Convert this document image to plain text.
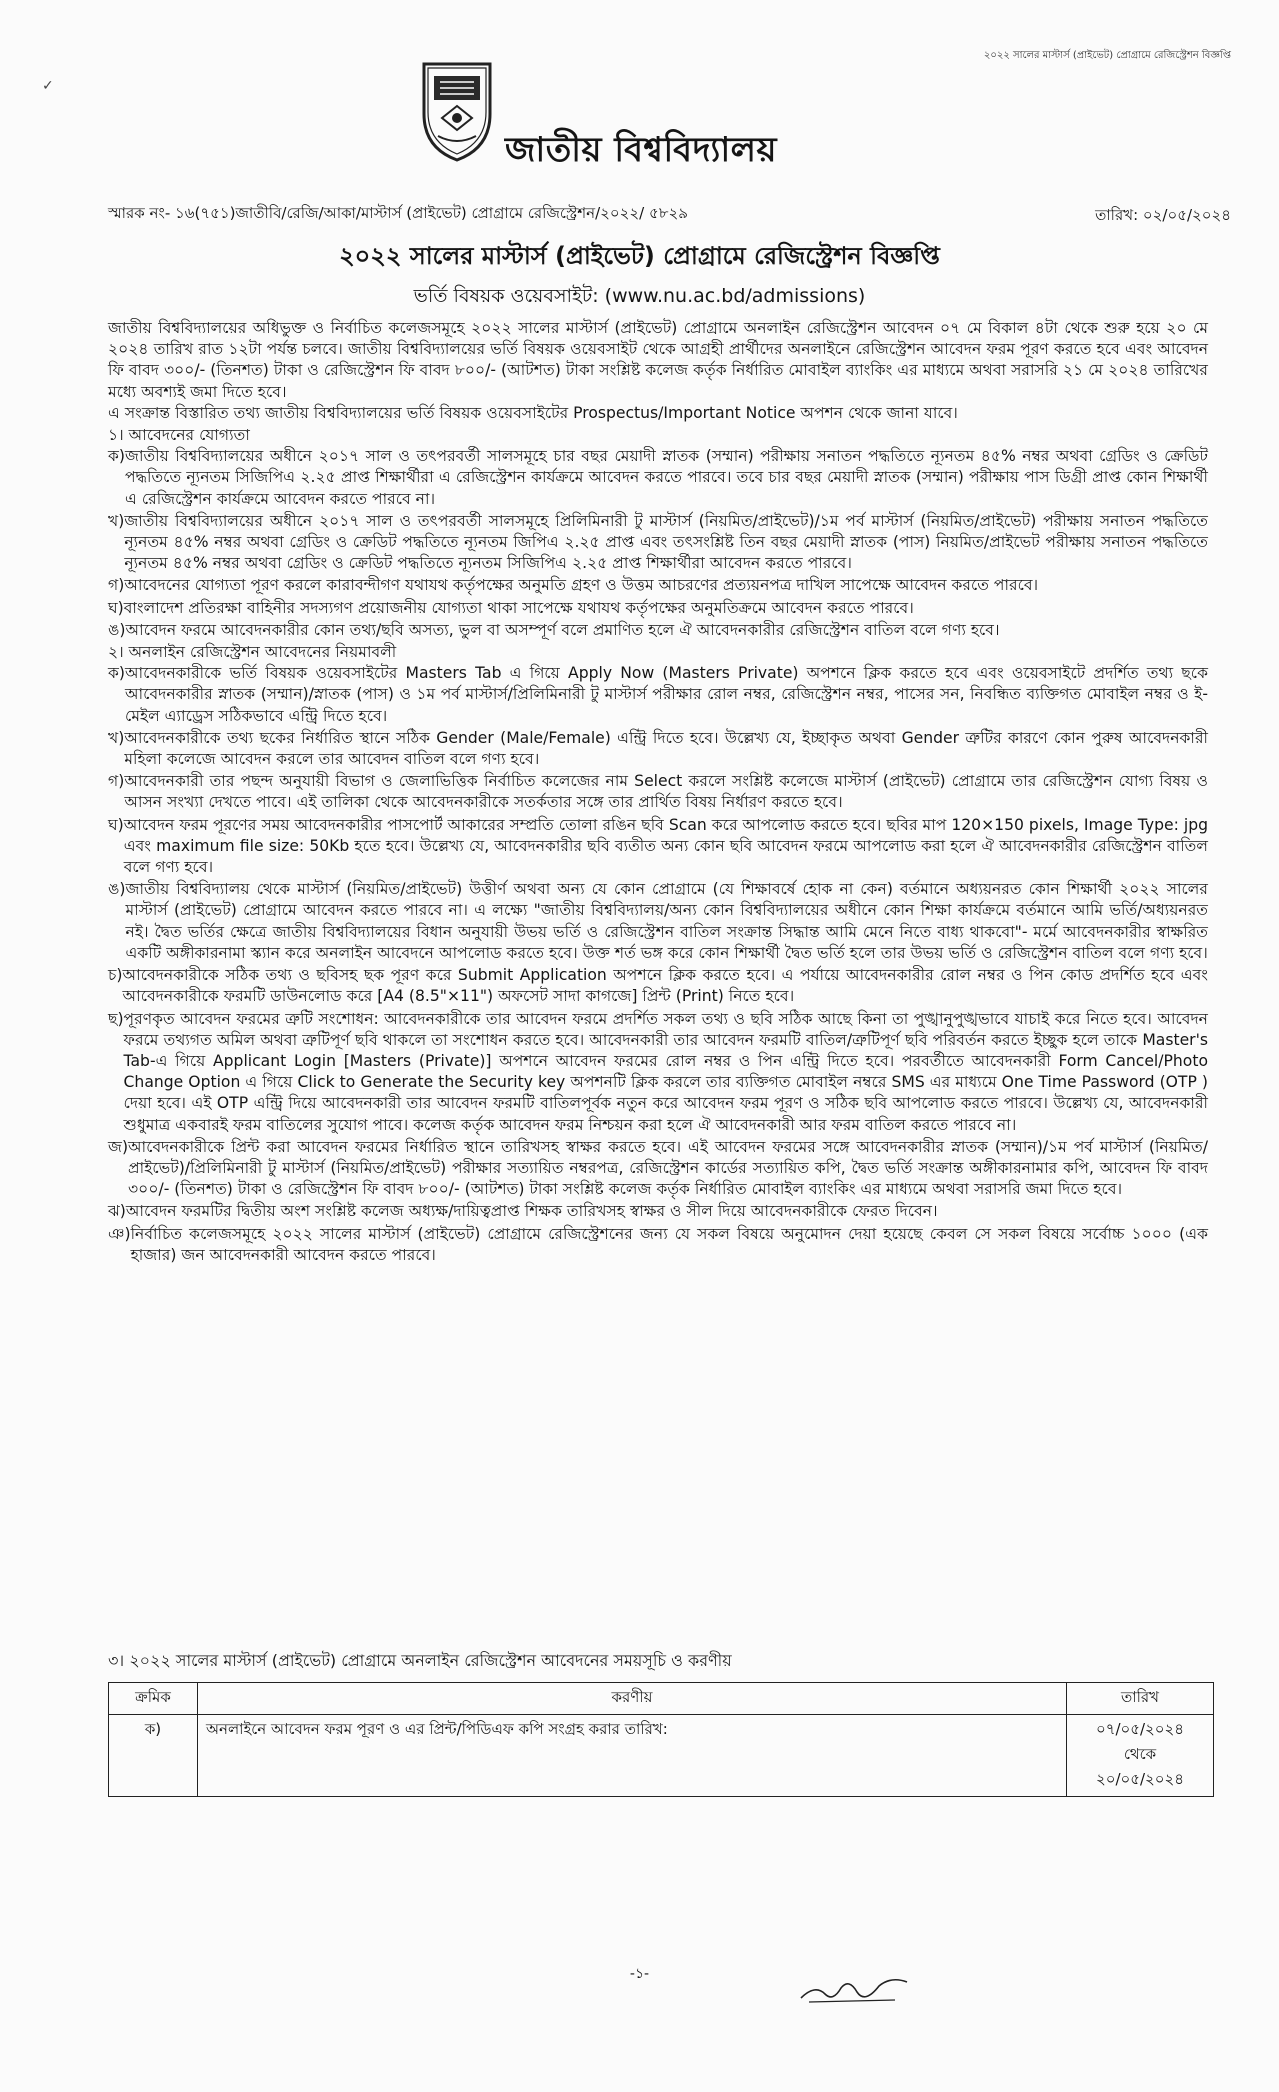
২০২২ সালের মাস্টার্স (প্রাইভেট) প্রোগ্রামে রেজিস্ট্রেশন বিজ্ঞপ্তি
✓
জাতীয় বিশ্ববিদ্যালয়
স্মারক নং- ১৬(৭৫১)জাতীবি/রেজি/আকা/মাস্টার্স (প্রাইভেট) প্রোগ্রামে রেজিস্ট্রেশন/২০২২/ ৫৮২৯	তারিখ: ০২/০৫/২০২৪
২০২২ সালের মাস্টার্স (প্রাইভেট) প্রোগ্রামে রেজিস্ট্রেশন বিজ্ঞপ্তি
ভর্তি বিষয়ক ওয়েবসাইট: (www.nu.ac.bd/admissions)

জাতীয় বিশ্ববিদ্যালয়ের অধিভুক্ত ও নির্বাচিত কলেজসমূহে ২০২২ সালের মাস্টার্স (প্রাইভেট) প্রোগ্রামে অনলাইন রেজিস্ট্রেশন আবেদন ০৭ মে বিকাল ৪টা থেকে শুরু হয়ে ২০ মে ২০২৪ তারিখ রাত ১২টা পর্যন্ত চলবে। জাতীয় বিশ্ববিদ্যালয়ের ভর্তি বিষয়ক ওয়েবসাইট থেকে আগ্রহী প্রার্থীদের অনলাইনে রেজিস্ট্রেশন আবেদন ফরম পূরণ করতে হবে এবং আবেদন ফি বাবদ ৩০০/- (তিনশত) টাকা ও রেজিস্ট্রেশন ফি বাবদ ৮০০/- (আটশত) টাকা সংশ্লিষ্ট কলেজ কর্তৃক নির্ধারিত মোবাইল ব্যাংকিং এর মাধ্যমে অথবা সরাসরি ২১ মে ২০২৪ তারিখের মধ্যে অবশ্যই জমা দিতে হবে।

এ সংক্রান্ত বিস্তারিত তথ্য জাতীয় বিশ্ববিদ্যালয়ের ভর্তি বিষয়ক ওয়েবসাইটের Prospectus/Important Notice অপশন থেকে জানা যাবে।

১। আবেদনের যোগ্যতা

ক) জাতীয় বিশ্ববিদ্যালয়ের অধীনে ২০১৭ সাল ও তৎপরবর্তী সালসমূহে চার বছর মেয়াদী স্নাতক (সম্মান) পরীক্ষায় সনাতন পদ্ধতিতে ন্যূনতম ৪৫% নম্বর অথবা গ্রেডিং ও ক্রেডিট পদ্ধতিতে ন্যূনতম সিজিপিএ ২.২৫ প্রাপ্ত শিক্ষার্থীরা এ রেজিস্ট্রেশন কার্যক্রমে আবেদন করতে পারবে। তবে চার বছর মেয়াদী স্নাতক (সম্মান) পরীক্ষায় পাস ডিগ্রী প্রাপ্ত কোন শিক্ষার্থী এ রেজিস্ট্রেশন কার্যক্রমে আবেদন করতে পারবে না।
খ) জাতীয় বিশ্ববিদ্যালয়ের অধীনে ২০১৭ সাল ও তৎপরবর্তী সালসমূহে প্রিলিমিনারী টু মাস্টার্স (নিয়মিত/প্রাইভেট)/১ম পর্ব মাস্টার্স (নিয়মিত/প্রাইভেট) পরীক্ষায় সনাতন পদ্ধতিতে ন্যূনতম ৪৫% নম্বর অথবা গ্রেডিং ও ক্রেডিট পদ্ধতিতে ন্যূনতম জিপিএ ২.২৫ প্রাপ্ত এবং তৎসংশ্লিষ্ট তিন বছর মেয়াদী স্নাতক (পাস) নিয়মিত/প্রাইভেট পরীক্ষায় সনাতন পদ্ধতিতে ন্যূনতম ৪৫% নম্বর অথবা গ্রেডিং ও ক্রেডিট পদ্ধতিতে ন্যূনতম সিজিপিএ ২.২৫ প্রাপ্ত শিক্ষার্থীরা আবেদন করতে পারবে।
গ) আবেদনের যোগ্যতা পূরণ করলে কারাবন্দীগণ যথাযথ কর্তৃপক্ষের অনুমতি গ্রহণ ও উত্তম আচরণের প্রত্যয়নপত্র দাখিল সাপেক্ষে আবেদন করতে পারবে।
ঘ) বাংলাদেশ প্রতিরক্ষা বাহিনীর সদস্যগণ প্রয়োজনীয় যোগ্যতা থাকা সাপেক্ষে যথাযথ কর্তৃপক্ষের অনুমতিক্রমে আবেদন করতে পারবে।
ঙ) আবেদন ফরমে আবেদনকারীর কোন তথ্য/ছবি অসত্য, ভুল বা অসম্পূর্ণ বলে প্রমাণিত হলে ঐ আবেদনকারীর রেজিস্ট্রেশন বাতিল বলে গণ্য হবে।

২। অনলাইন রেজিস্ট্রেশন আবেদনের নিয়মাবলী

ক) আবেদনকারীকে ভর্তি বিষয়ক ওয়েবসাইটের Masters Tab এ গিয়ে Apply Now (Masters Private) অপশনে ক্লিক করতে হবে এবং ওয়েবসাইটে প্রদর্শিত তথ্য ছকে আবেদনকারীর স্নাতক (সম্মান)/স্নাতক (পাস) ও ১ম পর্ব মাস্টার্স/প্রিলিমিনারী টু মাস্টার্স পরীক্ষার রোল নম্বর, রেজিস্ট্রেশন নম্বর, পাসের সন, নিবন্ধিত ব্যক্তিগত মোবাইল নম্বর ও ই-মেইল এ্যাড্রেস সঠিকভাবে এন্ট্রি দিতে হবে।
খ) আবেদনকারীকে তথ্য ছকের নির্ধারিত স্থানে সঠিক Gender (Male/Female) এন্ট্রি দিতে হবে। উল্লেখ্য যে, ইচ্ছাকৃত অথবা Gender ত্রুটির কারণে কোন পুরুষ আবেদনকারী মহিলা কলেজে আবেদন করলে তার আবেদন বাতিল বলে গণ্য হবে।
গ) আবেদনকারী তার পছন্দ অনুযায়ী বিভাগ ও জেলাভিত্তিক নির্বাচিত কলেজের নাম Select করলে সংশ্লিষ্ট কলেজে মাস্টার্স (প্রাইভেট) প্রোগ্রামে তার রেজিস্ট্রেশন যোগ্য বিষয় ও আসন সংখ্যা দেখতে পাবে। এই তালিকা থেকে আবেদনকারীকে সতর্কতার সঙ্গে তার প্রার্থিত বিষয় নির্ধারণ করতে হবে।
ঘ) আবেদন ফরম পূরণের সময় আবেদনকারীর পাসপোর্ট আকারের সম্প্রতি তোলা রঙিন ছবি Scan করে আপলোড করতে হবে। ছবির মাপ 120×150 pixels, Image Type: jpg এবং maximum file size: 50Kb হতে হবে। উল্লেখ্য যে, আবেদনকারীর ছবি ব্যতীত অন্য কোন ছবি আবেদন ফরমে আপলোড করা হলে ঐ আবেদনকারীর রেজিস্ট্রেশন বাতিল বলে গণ্য হবে।
ঙ) জাতীয় বিশ্ববিদ্যালয় থেকে মাস্টার্স (নিয়মিত/প্রাইভেট) উত্তীর্ণ অথবা অন্য যে কোন প্রোগ্রামে (যে শিক্ষাবর্ষে হোক না কেন) বর্তমানে অধ্যয়নরত কোন শিক্ষার্থী ২০২২ সালের মাস্টার্স (প্রাইভেট) প্রোগ্রামে আবেদন করতে পারবে না। এ লক্ষ্যে "জাতীয় বিশ্ববিদ্যালয়/অন্য কোন বিশ্ববিদ্যালয়ের অধীনে কোন শিক্ষা কার্যক্রমে বর্তমানে আমি ভর্তি/অধ্যয়নরত নই। দ্বৈত ভর্তির ক্ষেত্রে জাতীয় বিশ্ববিদ্যালয়ের বিধান অনুযায়ী উভয় ভর্তি ও রেজিস্ট্রেশন বাতিল সংক্রান্ত সিদ্ধান্ত আমি মেনে নিতে বাধ্য থাকবো"- মর্মে আবেদনকারীর স্বাক্ষরিত একটি অঙ্গীকারনামা স্ক্যান করে অনলাইন আবেদনে আপলোড করতে হবে। উক্ত শর্ত ভঙ্গ করে কোন শিক্ষার্থী দ্বৈত ভর্তি হলে তার উভয় ভর্তি ও রেজিস্ট্রেশন বাতিল বলে গণ্য হবে।
চ) আবেদনকারীকে সঠিক তথ্য ও ছবিসহ ছক পূরণ করে Submit Application অপশনে ক্লিক করতে হবে। এ পর্যায়ে আবেদনকারীর রোল নম্বর ও পিন কোড প্রদর্শিত হবে এবং আবেদনকারীকে ফরমটি ডাউনলোড করে [A4 (8.5"×11") অফসেট সাদা কাগজে] প্রিন্ট (Print) নিতে হবে।
ছ) পূরণকৃত আবেদন ফরমের ত্রুটি সংশোধন: আবেদনকারীকে তার আবেদন ফরমে প্রদর্শিত সকল তথ্য ও ছবি সঠিক আছে কিনা তা পুঙ্খানুপুঙ্খভাবে যাচাই করে নিতে হবে। আবেদন ফরমে তথ্যগত অমিল অথবা ত্রুটিপূর্ণ ছবি থাকলে তা সংশোধন করতে হবে। আবেদনকারী তার আবেদন ফরমটি বাতিল/ত্রুটিপূর্ণ ছবি পরিবর্তন করতে ইচ্ছুক হলে তাকে Master's Tab-এ গিয়ে Applicant Login [Masters (Private)] অপশনে আবেদন ফরমের রোল নম্বর ও পিন এন্ট্রি দিতে হবে। পরবর্তীতে আবেদনকারী Form Cancel/Photo Change Option এ গিয়ে Click to Generate the Security key অপশনটি ক্লিক করলে তার ব্যক্তিগত মোবাইল নম্বরে SMS এর মাধ্যমে One Time Password (OTP ) দেয়া হবে। এই OTP এন্ট্রি দিয়ে আবেদনকারী তার আবেদন ফরমটি বাতিলপূর্বক নতুন করে আবেদন ফরম পূরণ ও সঠিক ছবি আপলোড করতে পারবে। উল্লেখ্য যে, আবেদনকারী শুধুমাত্র একবারই ফরম বাতিলের সুযোগ পাবে। কলেজ কর্তৃক আবেদন ফরম নিশ্চয়ন করা হলে ঐ আবেদনকারী আর ফরম বাতিল করতে পারবে না।
জ) আবেদনকারীকে প্রিন্ট করা আবেদন ফরমের নির্ধারিত স্থানে তারিখসহ স্বাক্ষর করতে হবে। এই আবেদন ফরমের সঙ্গে আবেদনকারীর স্নাতক (সম্মান)/১ম পর্ব মাস্টার্স (নিয়মিত/প্রাইভেট)/প্রিলিমিনারী টু মাস্টার্স (নিয়মিত/প্রাইভেট) পরীক্ষার সত্যায়িত নম্বরপত্র, রেজিস্ট্রেশন কার্ডের সত্যায়িত কপি, দ্বৈত ভর্তি সংক্রান্ত অঙ্গীকারনামার কপি, আবেদন ফি বাবদ ৩০০/- (তিনশত) টাকা ও রেজিস্ট্রেশন ফি বাবদ ৮০০/- (আটশত) টাকা সংশ্লিষ্ট কলেজ কর্তৃক নির্ধারিত মোবাইল ব্যাংকিং এর মাধ্যমে অথবা সরাসরি জমা দিতে হবে।
ঝ) আবেদন ফরমটির দ্বিতীয় অংশ সংশ্লিষ্ট কলেজ অধ্যক্ষ/দায়িত্বপ্রাপ্ত শিক্ষক তারিখসহ স্বাক্ষর ও সীল দিয়ে আবেদনকারীকে ফেরত দিবেন।
ঞ) নির্বাচিত কলেজসমূহে ২০২২ সালের মাস্টার্স (প্রাইভেট) প্রোগ্রামে রেজিস্ট্রেশনের জন্য যে সকল বিষয়ে অনুমোদন দেয়া হয়েছে কেবল সে সকল বিষয়ে সর্বোচ্চ ১০০০ (এক হাজার) জন আবেদনকারী আবেদন করতে পারবে।
৩। ২০২২ সালের মাস্টার্স (প্রাইভেট) প্রোগ্রামে অনলাইন রেজিস্ট্রেশন আবেদনের সময়সূচি ও করণীয়
ক্রমিক	করণীয়	তারিখ
ক)	অনলাইনে আবেদন ফরম পূরণ ও এর প্রিন্ট/পিডিএফ কপি সংগ্রহ করার তারিখ:	০৭/০৫/২০২৪
থেকে
২০/০৫/২০২৪
-১-
